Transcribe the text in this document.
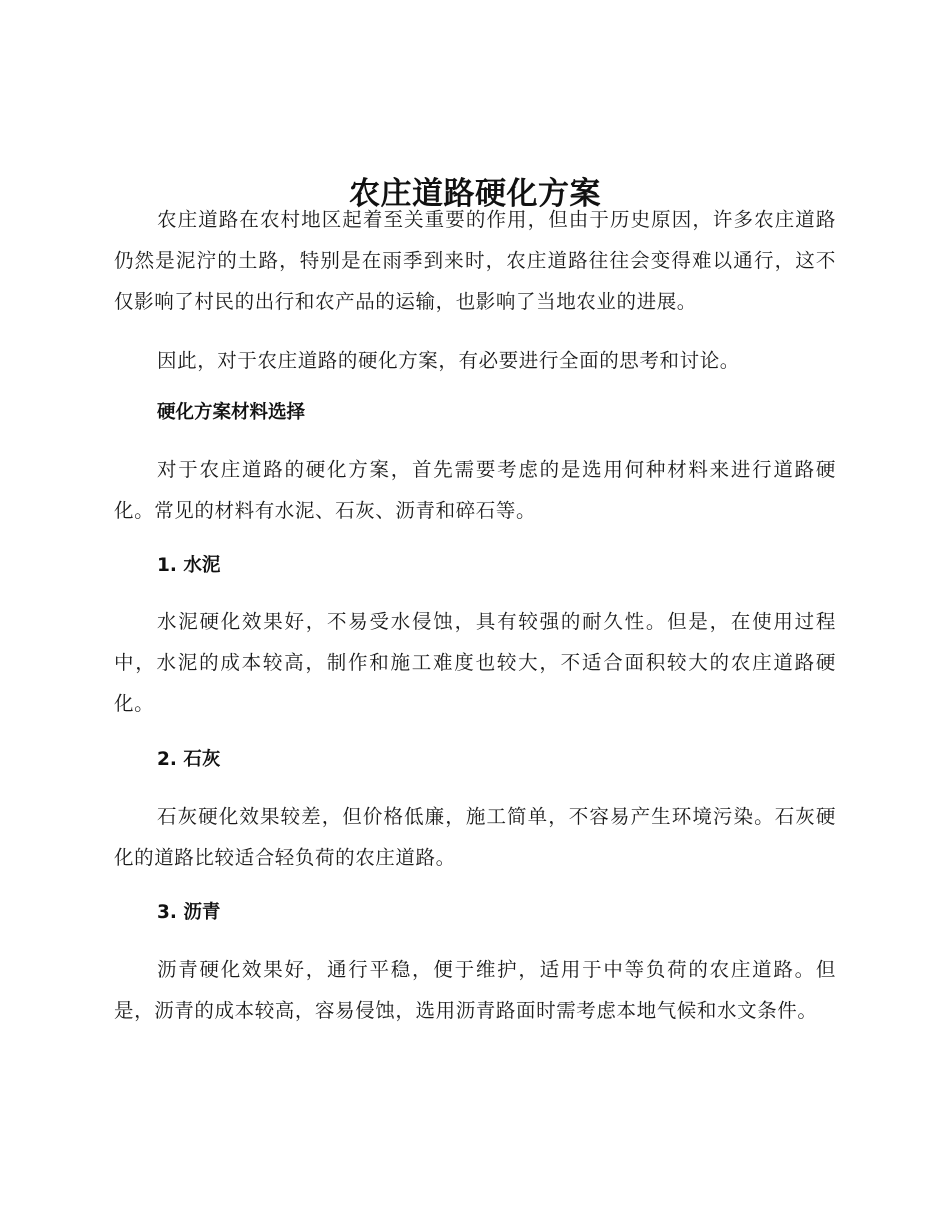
农庄道路硬化方案

农庄道路在农村地区起着至关重要的作用，但由于历史原因，许多农庄道路仍然是泥泞的土路，特别是在雨季到来时，农庄道路往往会变得难以通行，这不仅影响了村民的出行和农产品的运输，也影响了当地农业的进展。

因此，对于农庄道路的硬化方案，有必要进行全面的思考和讨论。

硬化方案材料选择

对于农庄道路的硬化方案，首先需要考虑的是选用何种材料来进行道路硬化。常见的材料有水泥、石灰、沥青和碎石等。

1. 水泥

水泥硬化效果好，不易受水侵蚀，具有较强的耐久性。但是，在使用过程中，水泥的成本较高，制作和施工难度也较大，不适合面积较大的农庄道路硬化。

2. 石灰

石灰硬化效果较差，但价格低廉，施工简单，不容易产生环境污染。石灰硬化的道路比较适合轻负荷的农庄道路。

3. 沥青

沥青硬化效果好，通行平稳，便于维护，适用于中等负荷的农庄道路。但是，沥青的成本较高，容易侵蚀，选用沥青路面时需考虑本地气候和水文条件。
